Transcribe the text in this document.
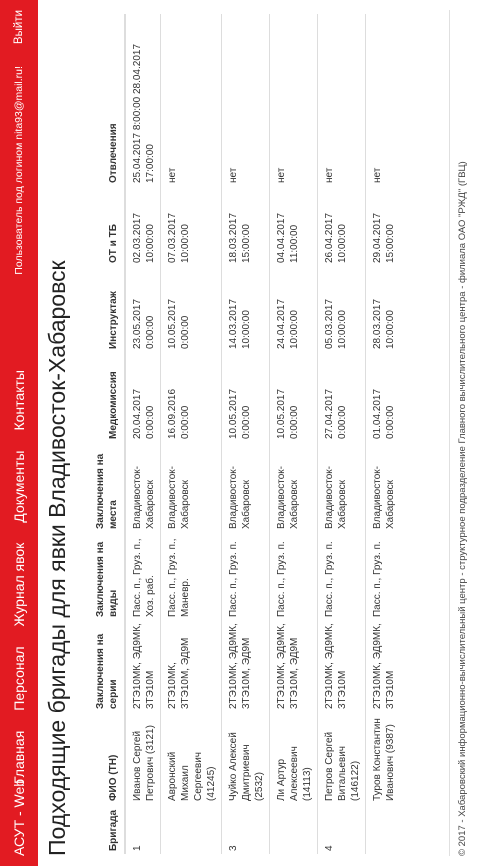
АСУТ - Web
Главная
Персонал
Журнал явок
Документы
Контакты
Пользователь под логином nita93@mail.ru!
Выйти
Подходящие бригады для явки Владивосток-Хабаровск	Бригада	ФИО (ТН)	Заключения на серии	Заключения на виды	Заключения на места	Медкомиссия	Инструктаж	ОТ и ТБ	Отвлечения
1	Иванов Сергей Петрович (3121)	2ТЭ10МК, ЭД9МК, 3ТЭ10М	Пасс. п., Груз. п., Хоз. раб.	Владивосток-Хабаровск	20.04.2017 0:00:00	23.05.2017 0:00:00	02.03.2017 10:00:00	25.04.2017 8:00:00 28.04.2017 17:00:00
	Авронский Михаил Сергеевич (41245)	2ТЭ10МК, 3ТЭ10М, ЭД9М	Пасс. п., Груз. п., Маневр.	Владивосток-Хабаровск	16.09.2016 0:00:00	10.05.2017 0:00:00	07.03.2017 10:00:00	нет
3	Чуйко Алексей Дмитриевич (2532)	2ТЭ10МК, ЭД9МК, 3ТЭ10М, ЭД9М	Пасс. п., Груз. п.	Владивосток-Хабаровск	10.05.2017 0:00:00	14.03.2017 10:00:00	18.03.2017 15:00:00	нет
	Ли Артур Алексеевич (14113)	2ТЭ10МК, ЭД9МК, 3ТЭ10М, ЭД9М	Пасс. п., Груз. п.	Владивосток-Хабаровск	10.05.2017 0:00:00	24.04.2017 10:00:00	04.04.2017 11:00:00	нет
4	Петров Сергей Витальевич (146122)	2ТЭ10МК, ЭД9МК, 3ТЭ10М	Пасс. п., Груз. п.	Владивосток-Хабаровск	27.04.2017 0:00:00	05.03.2017 10:00:00	26.04.2017 10:00:00	нет
	Туров Константин Иванович (9387)	2ТЭ10МК, ЭД9МК, 3ТЭ10М	Пасс. п., Груз. п.	Владивосток-Хабаровск	01.04.2017 0:00:00	28.03.2017 10:00:00	29.04.2017 15:00:00	нет	© 2017 - Хабаровский информационно-вычислительный центр - структурное подразделение Главного вычислительного центра - филиала ОАО "РЖД" (ГВЦ)
